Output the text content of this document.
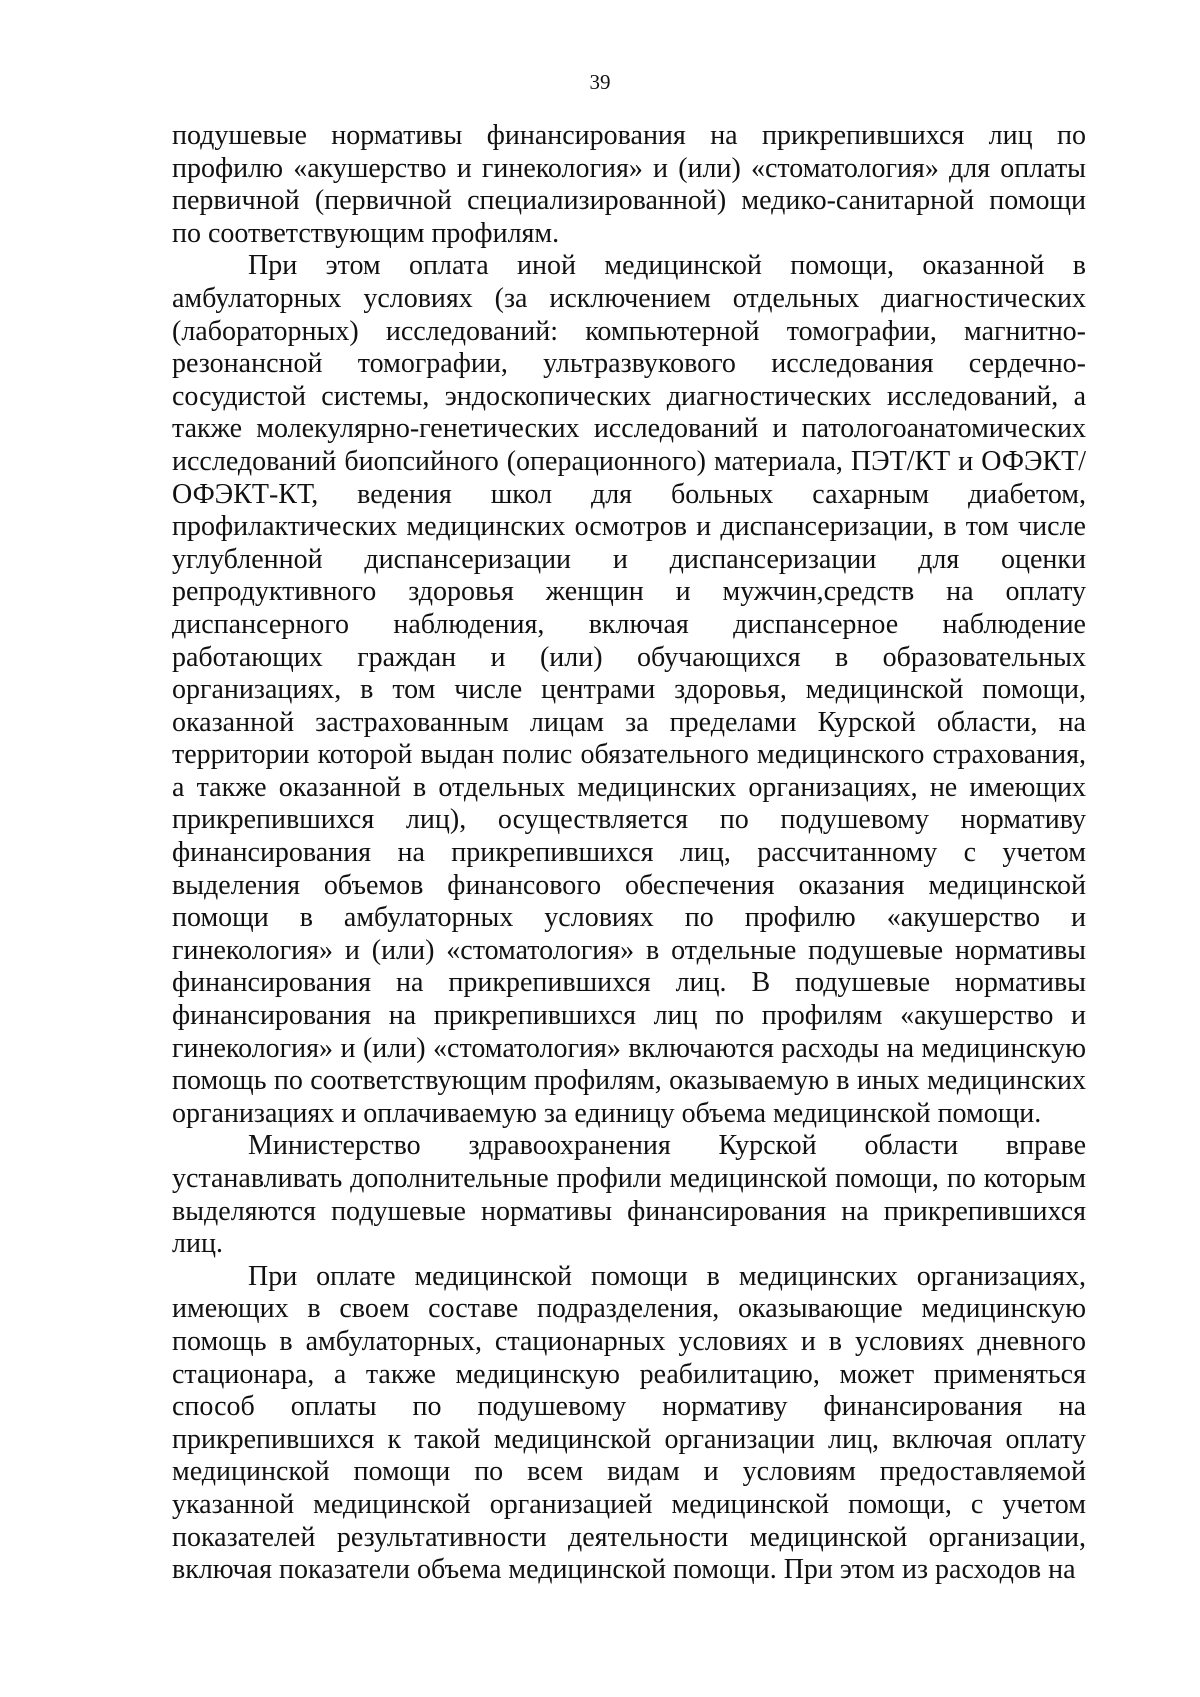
39

подушевые нормативы финансирования на прикрепившихся лиц по профилю «акушерство и гинекология» и (или) «стоматология» для оплаты первичной (первичной специализированной) медико-санитарной помощи по соответствующим профилям.

При этом оплата иной медицинской помощи, оказанной в амбулаторных условиях (за исключением отдельных диагностических (лабораторных) исследований: компьютерной томографии, магнитно-резонансной томографии, ультразвукового исследования сердечно-сосудистой системы, эндоскопических диагностических исследований, а также молекулярно-генетических исследований и патологоанатомических исследований биопсийного (операционного) материала, ПЭТ/КТ и ОФЭКТ/ОФЭКТ-КТ, ведения школ для больных сахарным диабетом, профилактических медицинских осмотров и диспансеризации, в том числе углубленной диспансеризации и диспансеризации для оценки репродуктивного здоровья женщин и мужчин,средств на оплату диспансерного наблюдения, включая диспансерное наблюдение работающих граждан и (или) обучающихся в образовательных организациях, в том числе центрами здоровья, медицинской помощи, оказанной застрахованным лицам за пределами Курской области, на территории которой выдан полис обязательного медицинского страхования, а также оказанной в отдельных медицинских организациях, не имеющих прикрепившихся лиц), осуществляется по подушевому нормативу финансирования на прикрепившихся лиц, рассчитанному с учетом выделения объемов финансового обеспечения оказания медицинской помощи в амбулаторных условиях по профилю «акушерство и гинекология» и (или) «стоматология» в отдельные подушевые нормативы финансирования на прикрепившихся лиц. В подушевые нормативы финансирования на прикрепившихся лиц по профилям «акушерство и гинекология» и (или) «стоматология» включаются расходы на медицинскую помощь по соответствующим профилям, оказываемую в иных медицинских организациях и оплачиваемую за единицу объема медицинской помощи.

Министерство здравоохранения Курской области вправе устанавливать дополнительные профили медицинской помощи, по которым выделяются подушевые нормативы финансирования на прикрепившихся лиц.

При оплате медицинской помощи в медицинских организациях, имеющих в своем составе подразделения, оказывающие медицинскую помощь в амбулаторных, стационарных условиях и в условиях дневного стационара, а также медицинскую реабилитацию, может применяться способ оплаты по подушевому нормативу финансирования на прикрепившихся к такой медицинской организации лиц, включая оплату медицинской помощи по всем видам и условиям предоставляемой указанной медицинской организацией медицинской помощи, с учетом показателей результативности деятельности медицинской организации, включая показатели объема медицинской помощи. При этом из расходов на
